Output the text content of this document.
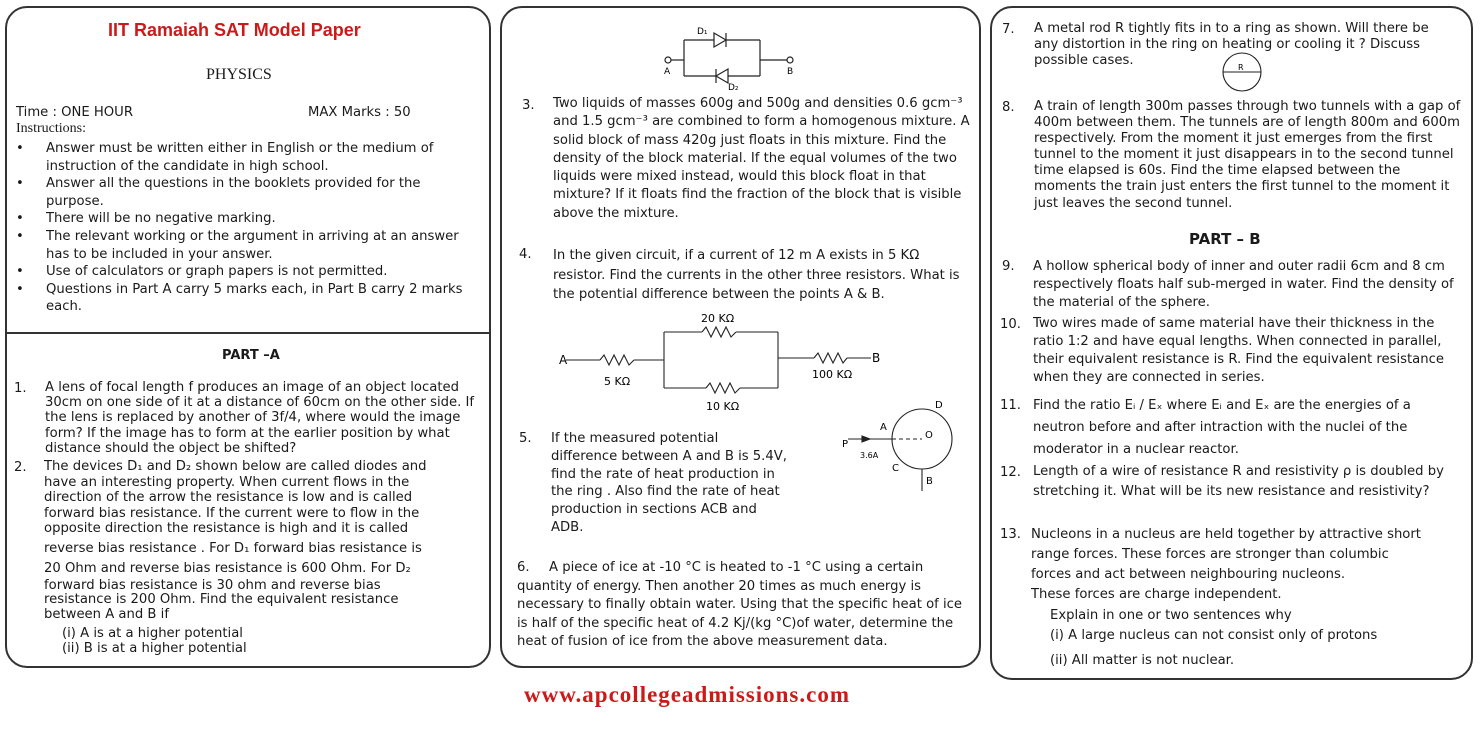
IIT Ramaiah SAT Model Paper
PHYSICS
Time : ONE HOUR	MAX Marks : 50
Instructions:
• Answer must be written either in English or the medium of instruction of the candidate in high school.
• Answer all the questions in the booklets provided for the purpose.
• There will be no negative marking.
• The relevant working or the argument in arriving at an answer has to be included in your answer.
• Use of calculators or graph papers is not permitted.
• Questions in Part A carry 5 marks each, in Part B carry 2 marks each.
PART –A
1. A lens of focal length f produces an image of an object located 30cm on one side of it at a distance of 60cm on the other side. If the lens is replaced by another of 3f/4, where would the image form? If the image has to form at the earlier position by what distance should the object be shifted?
2. The devices D₁ and D₂ shown below are called diodes and
have an interesting property. When current flows in the
direction of the arrow the resistance is low and is called
forward bias resistance. If the current were to flow in the
opposite direction the resistance is high and it is called
reverse bias resistance . For D₁ forward bias resistance is
20 Ohm and reverse bias resistance is 600 Ohm. For D₂
forward bias resistance is 30 ohm and reverse bias
resistance is 200 Ohm. Find the equivalent resistance
between A and B if
(i) A is at a higher potential
(ii) B is at a higher potential
D₁
D₂
A	B
3. Two liquids of masses 600g and 500g and densities 0.6 gcm⁻³ and 1.5 gcm⁻³ are combined to form a homogenous mixture. A solid block of mass 420g just floats in this mixture. Find the density of the block material. If the equal volumes of the two liquids were mixed instead, would this block float in that mixture? If it floats find the fraction of the block that is visible above the mixture.
4. In the given circuit, if a current of 12 m A exists in 5 KΩ resistor. Find the currents in the other three resistors. What is the potential difference between the points A & B.
A	B
5 KΩ
20 KΩ
10 KΩ
100 KΩ
5. If the measured potential difference between A and B is 5.4V, find the rate of heat production in the ring . Also find the rate of heat production in sections ACB and ADB.
P
3.6A
A
C
D
O
B
6.	A piece of ice at -10 °C is heated to -1 °C using a certain quantity of energy. Then another 20 times as much energy is necessary to finally obtain water. Using that the specific heat of ice is half of the specific heat of 4.2 Kj/(kg °C)of water, determine the heat of fusion of ice from the above measurement data.
7. A metal rod R tightly fits in to a ring as shown. Will there be any distortion in the ring on heating or cooling it ? Discuss possible cases.	R
8. A train of length 300m passes through two tunnels with a gap of 400m between them. The tunnels are of length 800m and 600m respectively. From the moment it just emerges from the first tunnel to the moment it just disappears in to the second tunnel time elapsed is 60s. Find the time elapsed between the moments the train just enters the first tunnel to the moment it just leaves the second tunnel.
PART – B
9. A hollow spherical body of inner and outer radii 6cm and 8 cm respectively floats half sub-merged in water. Find the density of the material of the sphere.
10. Two wires made of same material have their thickness in the ratio 1:2 and have equal lengths. When connected in parallel, their equivalent resistance is R. Find the equivalent resistance when they are connected in series.
11. Find the ratio Eᵢ / Eₓ where Eᵢ and Eₓ are the energies of a neutron before and after intraction with the nuclei of the moderator in a nuclear reactor.
12. Length of a wire of resistance R and resistivity ρ is doubled by stretching it. What will be its new resistance and resistivity?
13. Nucleons in a nucleus are held together by attractive short
range forces. These forces are stronger than columbic
forces and act between neighbouring nucleons.
These forces are charge independent.
Explain in one or two sentences why
(i) A large nucleus can not consist only of protons
(ii) All matter is not nuclear.
www.apcollegeadmissions.com
